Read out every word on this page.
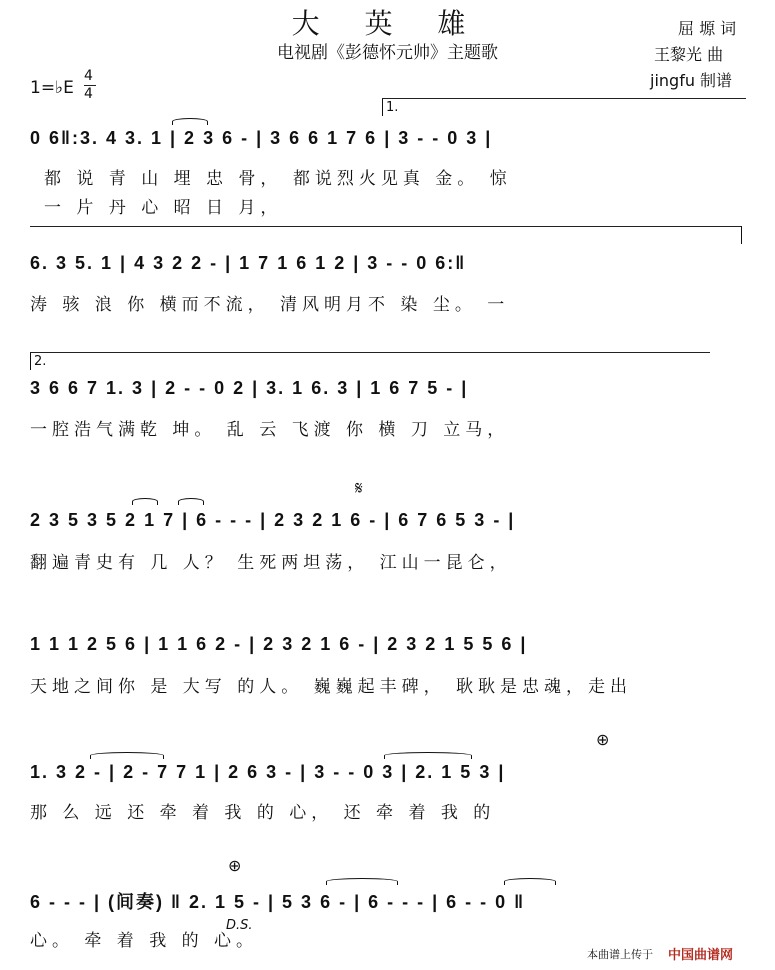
大 英 雄
电视剧《彭德怀元帅》主题歌
屈 塬 词
王黎光 曲
jingfu 制谱
1=♭E
4
4
1.
0 6‖:3. 4 3. 1 | 2 3 6 - | 3 6 6 1 7 6 | 3 - - 0 3 |
都 说 青 山 埋 忠 骨， 都说烈火见真 金。 惊
一 片 丹 心 昭 日 月，
6. 3 5. 1 | 4 3 2 2 - | 1 7 1 6 1 2 | 3 - - 0 6:‖
涛 骇 浪 你 横而不流， 清风明月不 染 尘。 一
2.
3 6 6 7 1. 3 | 2 - - 0 2 | 3. 1 6. 3 | 1 6 7 5 - |
一腔浩气满乾 坤。 乱 云 飞渡 你 横 刀 立马，
𝄋
2 3 5 3 5 2 1 7 | 6 - - - | 2 3 2 1 6 - | 6 7 6 5 3 - |
翻遍青史有 几 人？ 生死两坦荡， 江山一昆仑，
1 1 1 2 5 6 | 1 1 6 2 - | 2 3 2 1 6 - | 2 3 2 1 5 5 6 |
天地之间你 是 大写 的人。 巍巍起丰碑， 耿耿是忠魂，走出
⊕
1. 3 2 - | 2 - 7 7 1 | 2 6 3 - | 3 - - 0 3 | 2. 1 5 3 |
那 么 远 还 牵 着 我 的 心， 还 牵 着 我 的
⊕
6 - - - | (间奏) ‖ 2. 1 5 - | 5 3 6 - | 6 - - - | 6 - - 0 ‖
D.S.
心。 牵 着 我 的 心。
本曲谱上传于 中国曲谱网
